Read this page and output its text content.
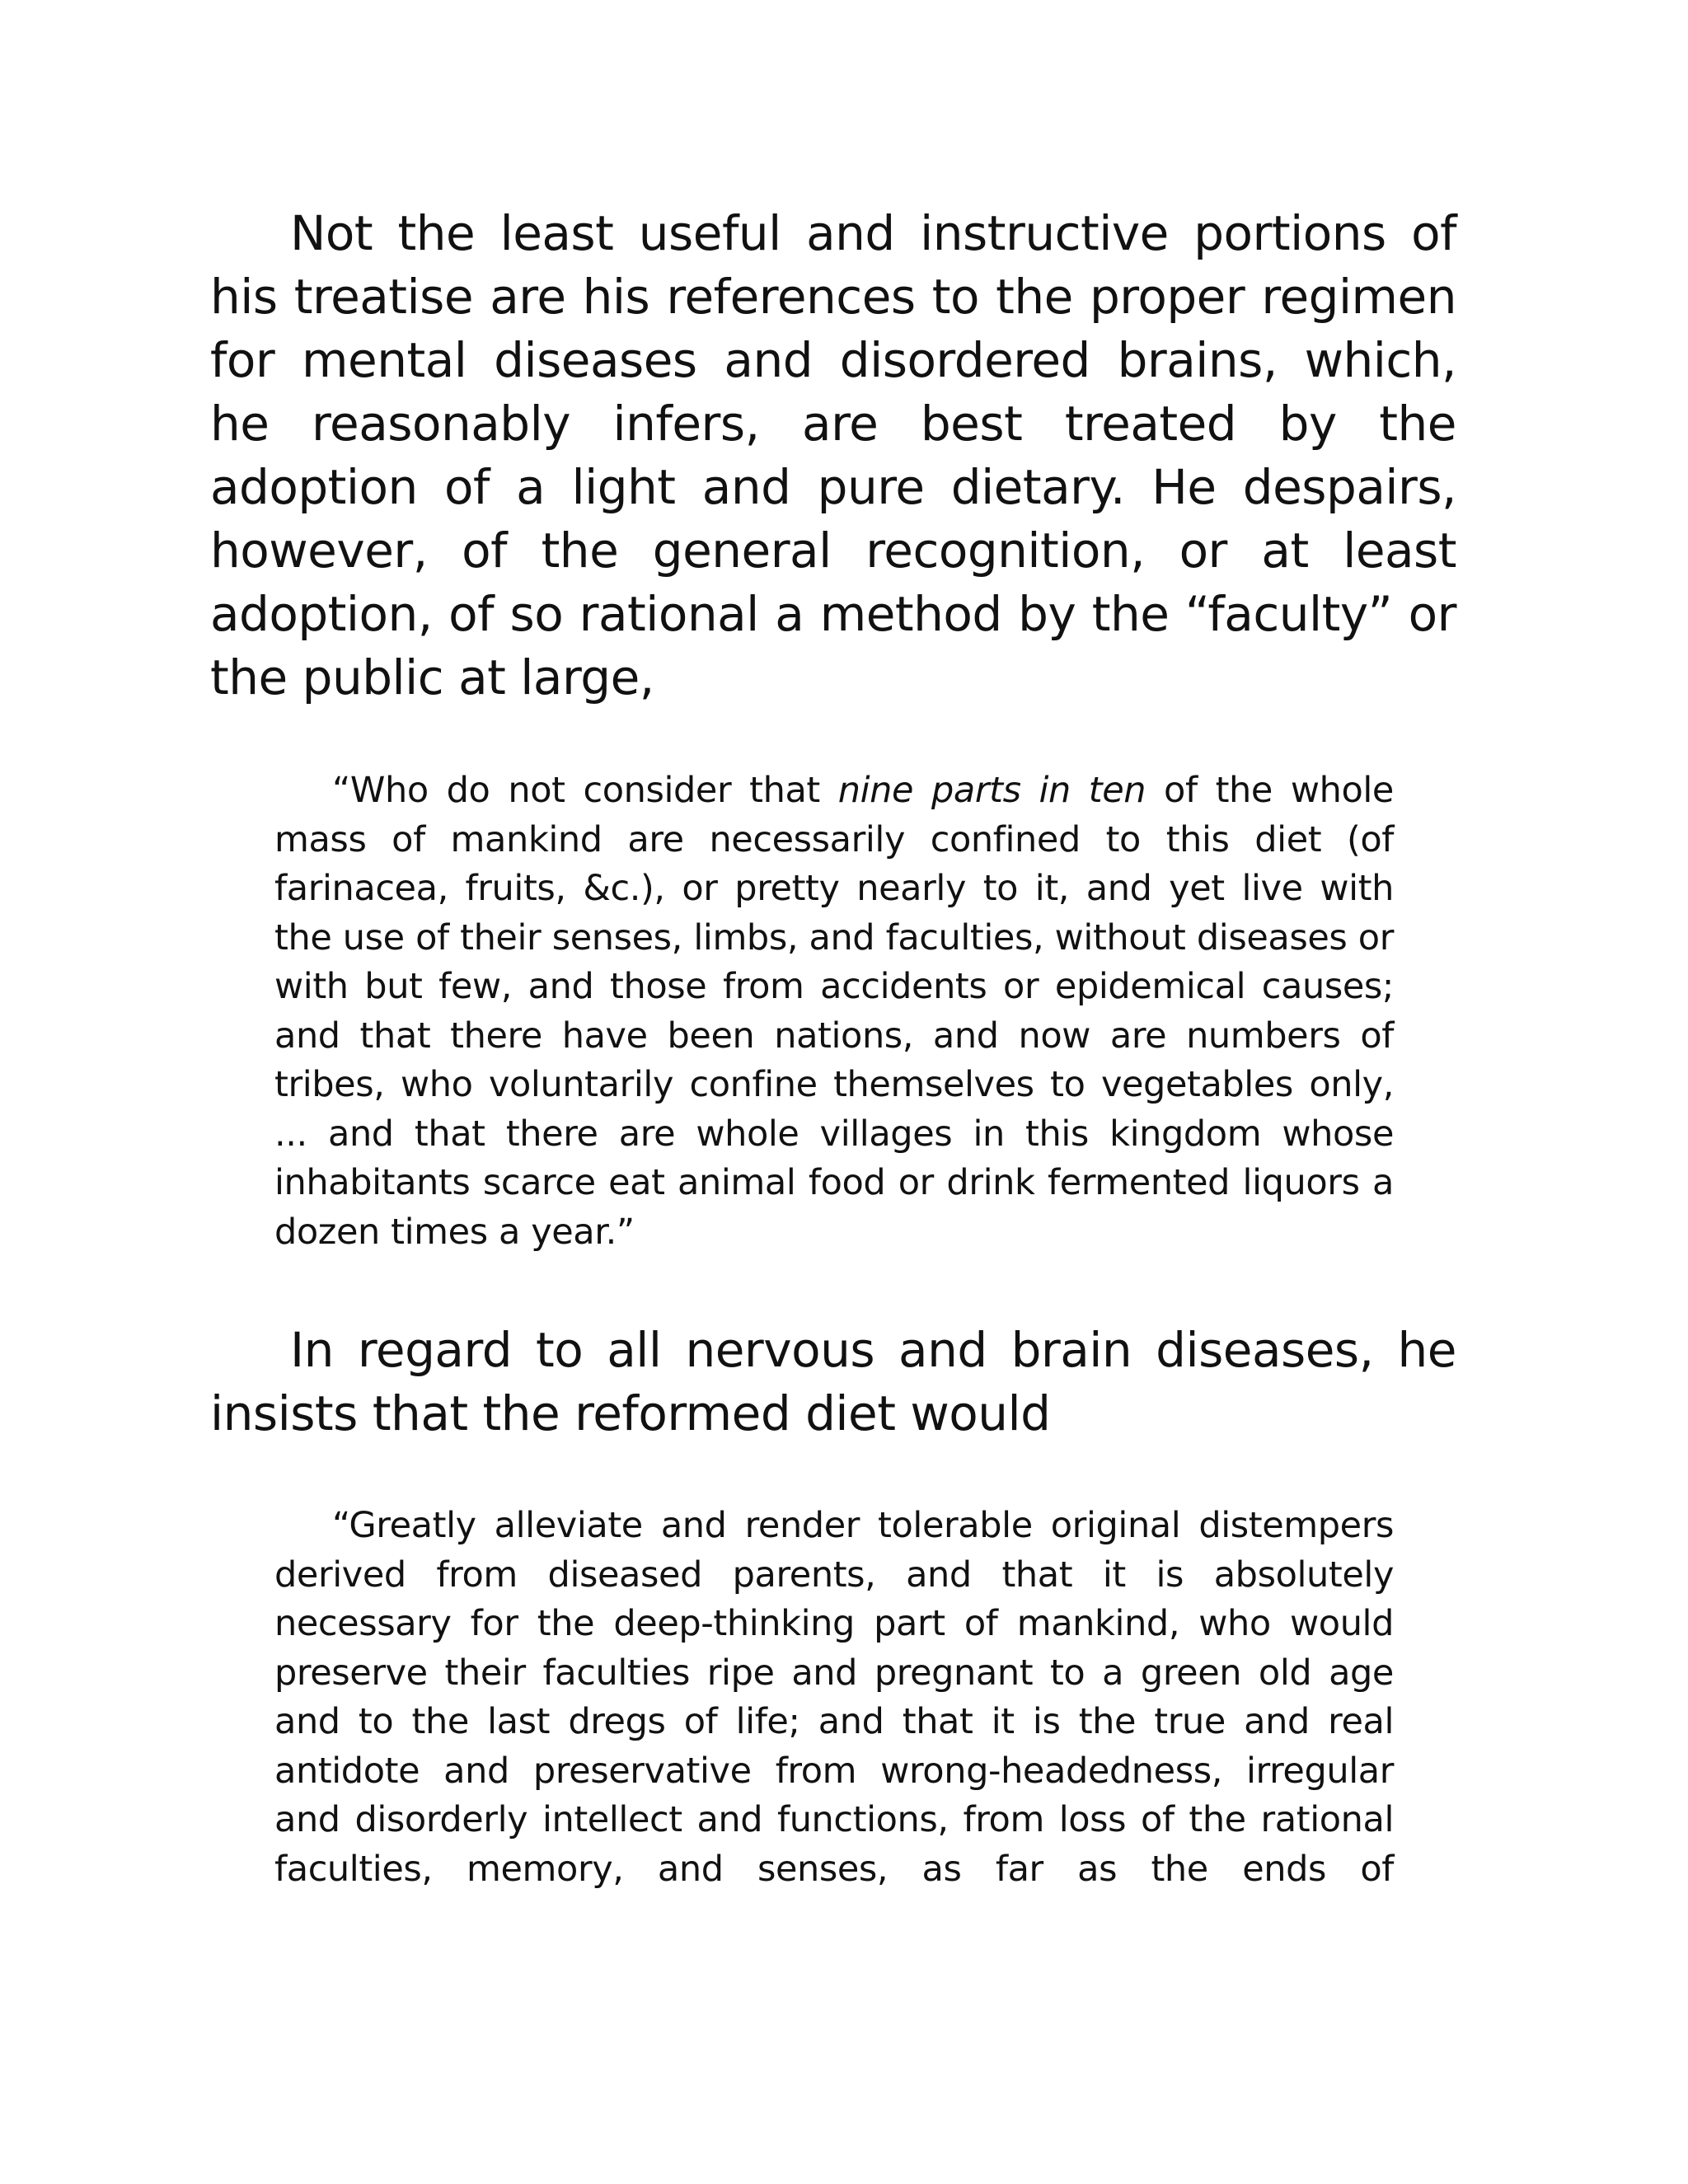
Not the least useful and instructive portions of his treatise are his references to the proper regimen for mental diseases and disordered brains, which, he reasonably infers, are best treated by the adoption of a light and pure dietary. He despairs, however, of the general recognition, or at least adoption, of so rational a method by the “faculty” or the public at large,

“Who do not consider that nine parts in ten of the whole mass of mankind are necessarily confined to this diet (of farinacea, fruits, &c.), or pretty nearly to it, and yet live with the use of their senses, limbs, and faculties, without diseases or with but few, and those from accidents or epidemical causes; and that there have been nations, and now are numbers of tribes, who voluntarily confine themselves to vegetables only, ... and that there are whole villages in this kingdom whose inhabitants scarce eat animal food or drink fermented liquors a dozen times a year.”

In regard to all nervous and brain diseases, he insists that the reformed diet would

“Greatly alleviate and render tolerable original distempers derived from diseased parents, and that it is absolutely necessary for the deep-thinking part of mankind, who would preserve their faculties ripe and pregnant to a green old age and to the last dregs of life; and that it is the true and real antidote and preservative from wrong-headedness, irregular and disorderly intellect and functions, from loss of the rational faculties, memory, and senses, as far as the ends of
